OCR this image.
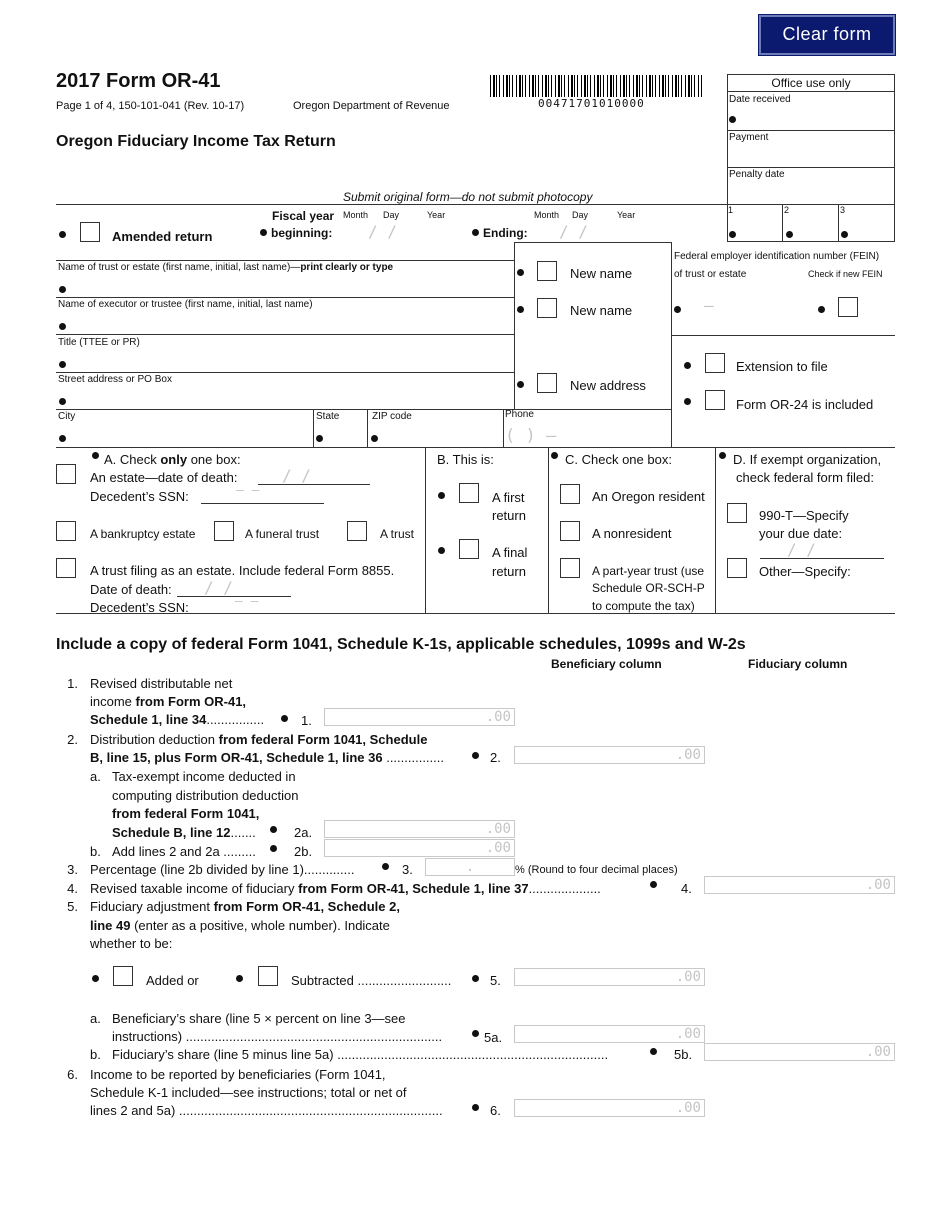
Clear form
2017 Form OR-41
Page 1 of 4, 150-101-041 (Rev. 10-17)	Oregon Department of Revenue
Oregon Fiduciary Income Tax Return
00471701010000
Submit original form—do not submit photocopy
Office use only
Date received
Payment
Penalty date
1	2	3
Amended return
Fiscal year
beginning:
Month Day	Year
/ /	Ending:
Month Day	Year
/ /
Name of trust or estate (first name, initial, last name)—print clearly or type
Name of executor or trustee (first name, initial, last name)
Title (TTEE or PR)
Street address or PO Box
City	State	ZIP code	Phone
( ) –
New name
New name
New address
Federal employer identification number (FEIN)
of trust or estate	Check if new FEIN
–
Extension to file
Form OR-24 is included
A. Check only one box:
An estate—date of death:	/ /
Decedent’s SSN:	– –
A bankruptcy estate	A funeral trust	A trust
A trust filing as an estate. Include federal Form 8855.
Date of death: / /
Decedent’s SSN:	– –
B. This is:
A first
return
A final
return
C. Check one box:
An Oregon resident
A nonresident
A part-year trust (use
Schedule OR-SCH-P
to compute the tax)
D. If exempt organization,
check federal form filed:
990-T—Specify
your due date:
/ /
Other—Specify:
Include a copy of federal Form 1041, Schedule K-1s, applicable schedules, 1099s and W-2s
Beneficiary column	Fiduciary column
1. Revised distributable net
income from Form OR-41,
Schedule 1, line 34................	1.	.00
2. Distribution deduction from federal Form 1041, Schedule
B, line 15, plus Form OR-41, Schedule 1, line 36 ................	2.	.00
a. Tax-exempt income deducted in
computing distribution deduction
from federal Form 1041,
Schedule B, line 12.......	2a.	.00
b. Add lines 2 and 2a .........	2b.	.00
3. Percentage (line 2b divided by line 1)..............	3.	.	% (Round to four decimal places)
4. Revised taxable income of fiduciary from Form OR-41, Schedule 1, line 37....................	4.	.00
5. Fiduciary adjustment from Form OR-41, Schedule 2,
line 49 (enter as a positive, whole number). Indicate
whether to be:
Added or	Subtracted ..........................	5.	.00
a. Beneficiary’s share (line 5 × percent on line 3—see
instructions) .......................................................................	5a.	.00
b. Fiduciary’s share (line 5 minus line 5a) ...........................................................................	5b.	.00
6. Income to be reported by beneficiaries (Form 1041,
Schedule K-1 included—see instructions; total or net of
lines 2 and 5a) .........................................................................	6.	.00
